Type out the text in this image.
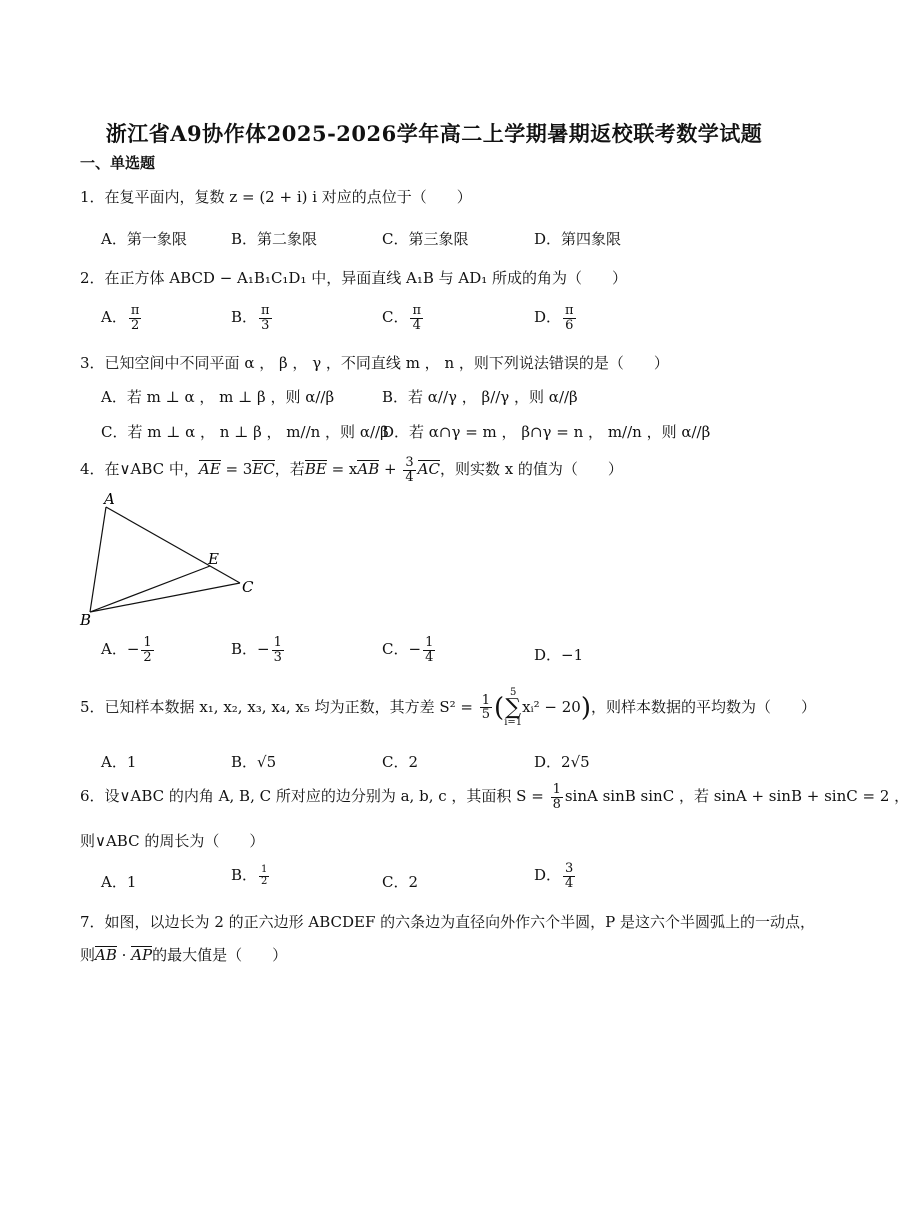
浙江省A9协作体2025-2026学年高二上学期暑期返校联考数学试题
一、单选题
1．在复平面内，复数 z = (2 + i) i 对应的点位于（　　）
A．第一象限	B．第二象限	C．第三象限	D．第四象限
2．在正方体 ABCD − A₁B₁C₁D₁ 中，异面直线 A₁B 与 AD₁ 所成的角为（　　）
A． $\frac{\pi}{2}$	B． $\frac{\pi}{3}$	C． $\frac{\pi}{4}$	D． $\frac{\pi}{6}$
3．已知空间中不同平面 α ， β ， γ ，不同直线 m ， n ，则下列说法错误的是（　　）
A．若 m ⊥ α ， m ⊥ β ，则 α//β	B．若 α//γ ， β//γ ，则 α//β
C．若 m ⊥ α ， n ⊥ β ， m//n ，则 α//β
D．若 α∩γ = m ， β∩γ = n ， m//n ，则 α//β
4．在∨ABC 中，AE = 3EC，若BE = xAB + $\frac{3}{4}$ AC，则实数 x 的值为（　　）
A
B
C
E
A．− $\frac{1}{2}$	B．− $\frac{1}{3}$	C．− $\frac{1}{4}$	D．−1
5．已知样本数据 x₁, x₂, x₃, x₄, x₅ 均为正数，其方差 $S^2 = \frac{1}{5} (5$
∑
i=1xᵢ² − 20)，则样本数据的平均数为（　　）
A．1	B．√5	C．2	D．2√5
6．设∨ABC 的内角 A, B, C 所对应的边分别为 a, b, c ，其面积 $S = \frac{1}{8}$ sinA sinB sinC ，若 sinA + sinB + sinC = 2 ，
则∨ABC 的周长为（　　）
A．1	B． $\frac{1}{2}$	C．2	D． $\frac{3}{4}$
7．如图，以边长为 2 的正六边形 ABCDEF 的六条边为直径向外作六个半圆，P 是这六个半圆弧上的一动点，
则AB · AP的最大值是（　　）
